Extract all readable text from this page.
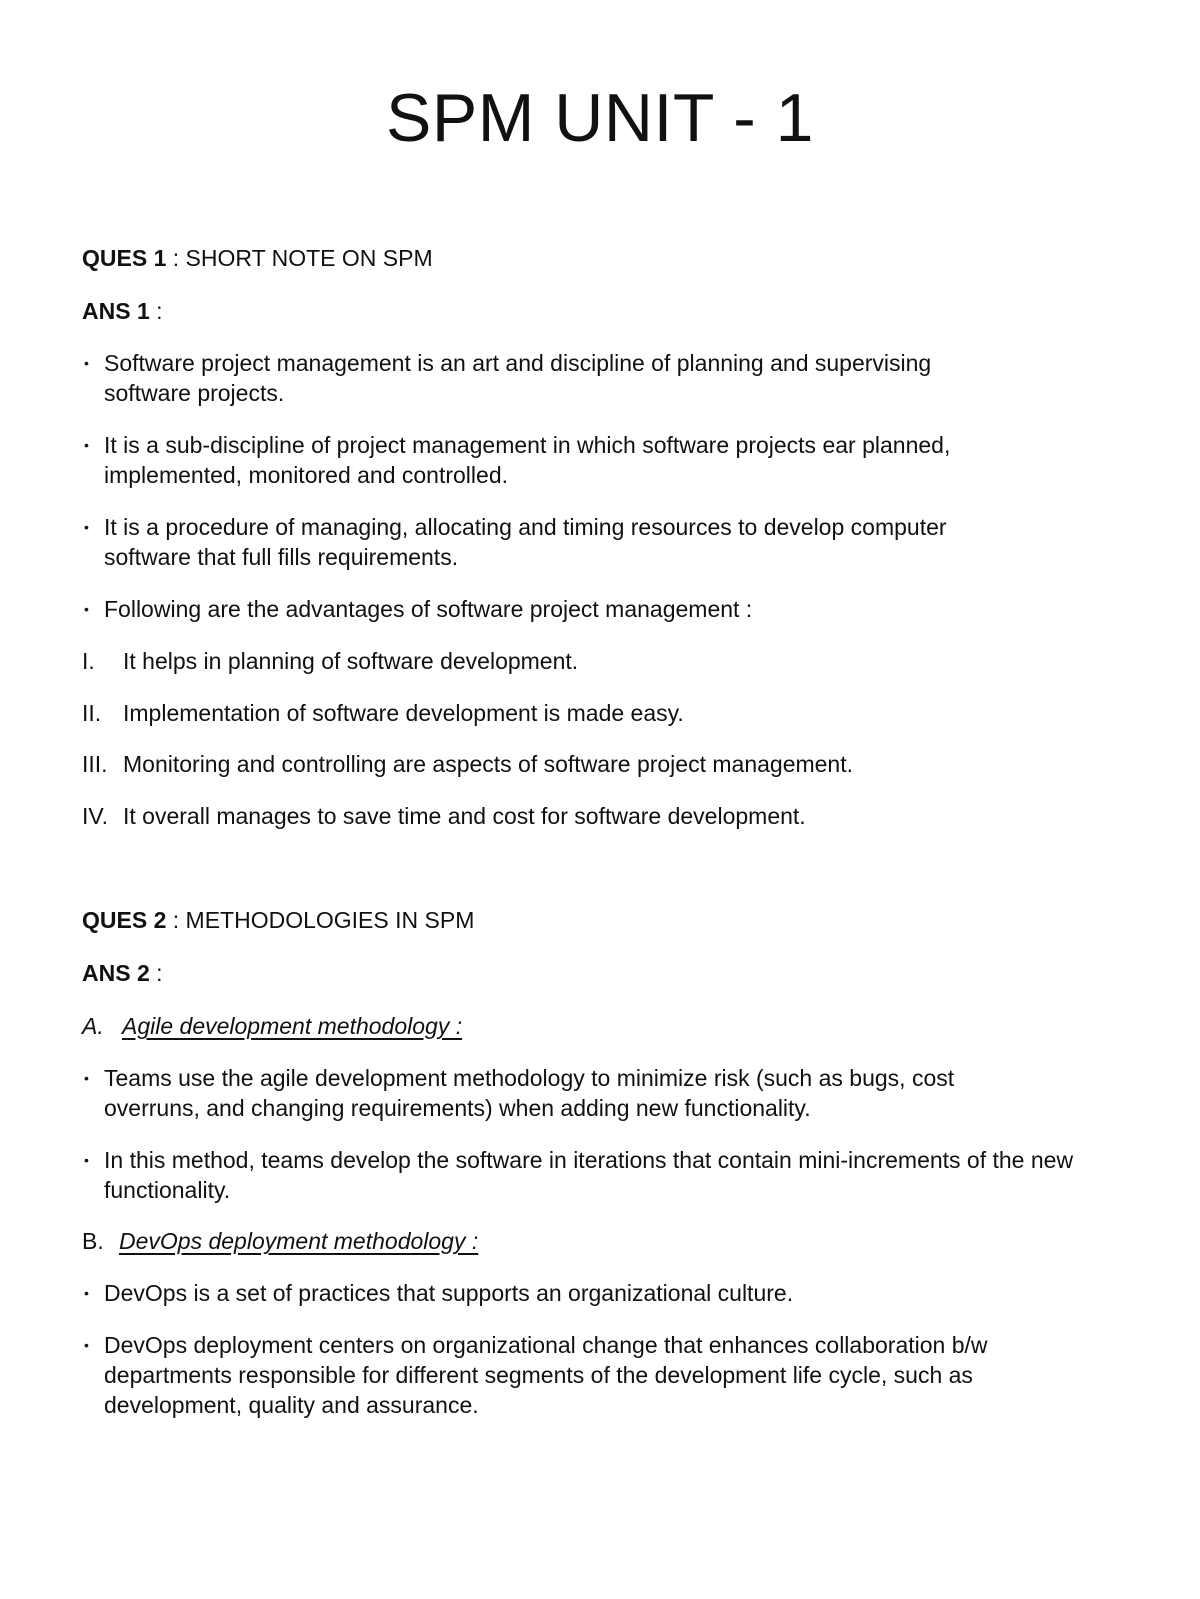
SPM UNIT - 1
QUES 1 : SHORT NOTE ON SPM
ANS 1 :
• Software project management is an art and discipline of planning and supervising software projects.
• It is a sub-discipline of project management in which software projects ear planned, implemented, monitored and controlled.
• It is a procedure of managing, allocating and timing resources to develop computer software that full fills requirements.
• Following are the advantages of software project management :
I. It helps in planning of software development.
II. Implementation of software development is made easy.
III. Monitoring and controlling are aspects of software project management.
IV. It overall manages to save time and cost for software development.
QUES 2 : METHODOLOGIES IN SPM
ANS 2 :
A. Agile development methodology :
• Teams use the agile development methodology to minimize risk (such as bugs, cost overruns, and changing requirements) when adding new functionality.
• In this method, teams develop the software in iterations that contain mini-increments of the new functionality.
B. DevOps deployment methodology :
• DevOps is a set of practices that supports an organizational culture.
• DevOps deployment centers on organizational change that enhances collaboration b/w departments responsible for different segments of the development life cycle, such as development, quality and assurance.
